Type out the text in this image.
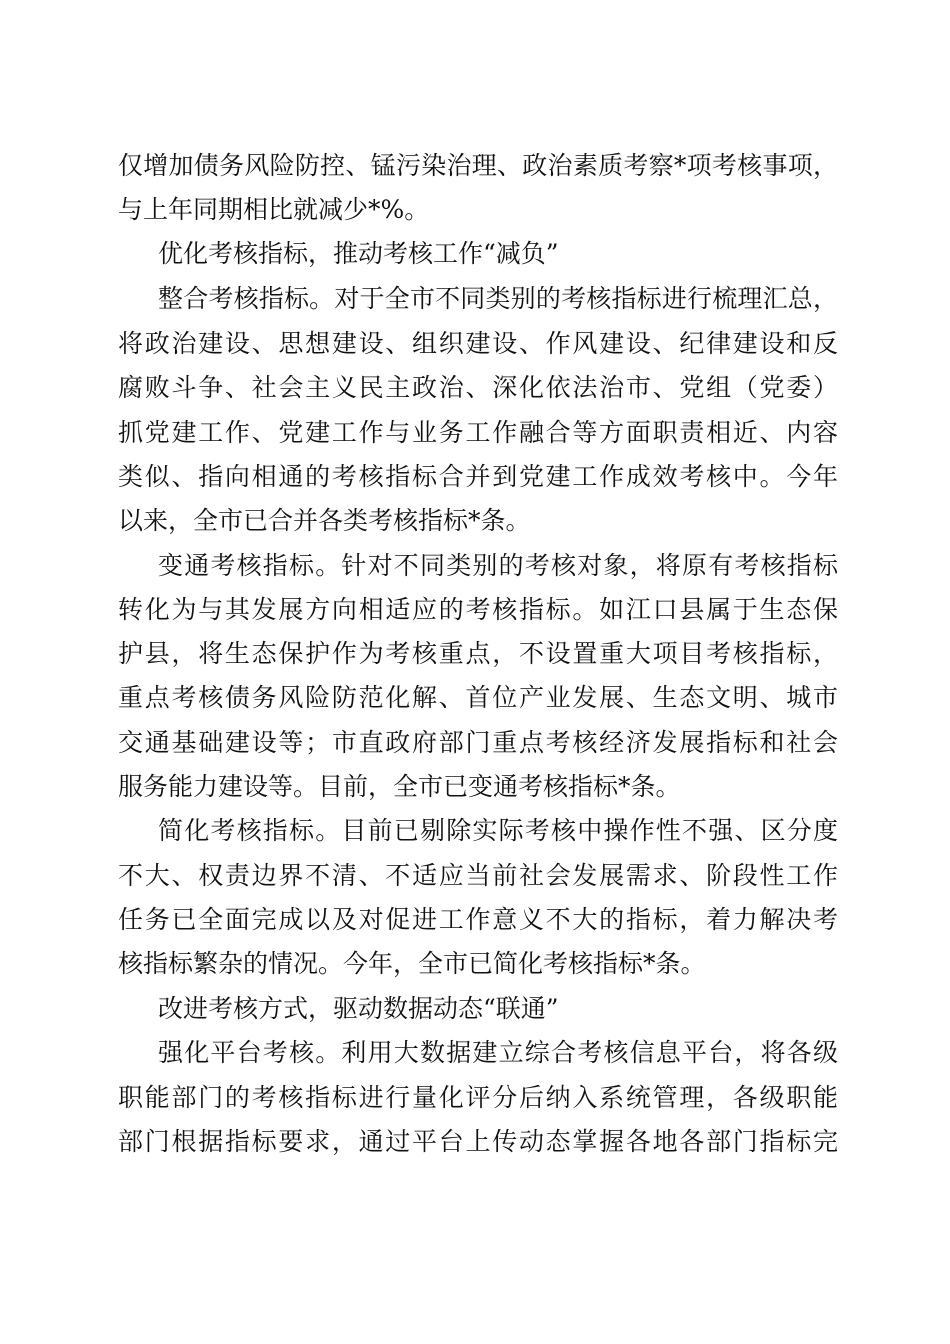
仅增加债务风险防控、锰污染治理、政治素质考察*项考核事项，
与上年同期相比就减少*%。
优化考核指标，推动考核工作“减负”
整合考核指标。对于全市不同类别的考核指标进行梳理汇总，
将政治建设、思想建设、组织建设、作风建设、纪律建设和反
腐败斗争、社会主义民主政治、深化依法治市、党组（党委）
抓党建工作、党建工作与业务工作融合等方面职责相近、内容
类似、指向相通的考核指标合并到党建工作成效考核中。今年
以来，全市已合并各类考核指标*条。
变通考核指标。针对不同类别的考核对象，将原有考核指标
转化为与其发展方向相适应的考核指标。如江口县属于生态保
护县，将生态保护作为考核重点，不设置重大项目考核指标，
重点考核债务风险防范化解、首位产业发展、生态文明、城市
交通基础建设等；市直政府部门重点考核经济发展指标和社会
服务能力建设等。目前，全市已变通考核指标*条。
简化考核指标。目前已剔除实际考核中操作性不强、区分度
不大、权责边界不清、不适应当前社会发展需求、阶段性工作
任务已全面完成以及对促进工作意义不大的指标，着力解决考
核指标繁杂的情况。今年，全市已简化考核指标*条。
改进考核方式，驱动数据动态“联通”
强化平台考核。利用大数据建立综合考核信息平台，将各级
职能部门的考核指标进行量化评分后纳入系统管理，各级职能
部门根据指标要求，通过平台上传动态掌握各地各部门指标完
